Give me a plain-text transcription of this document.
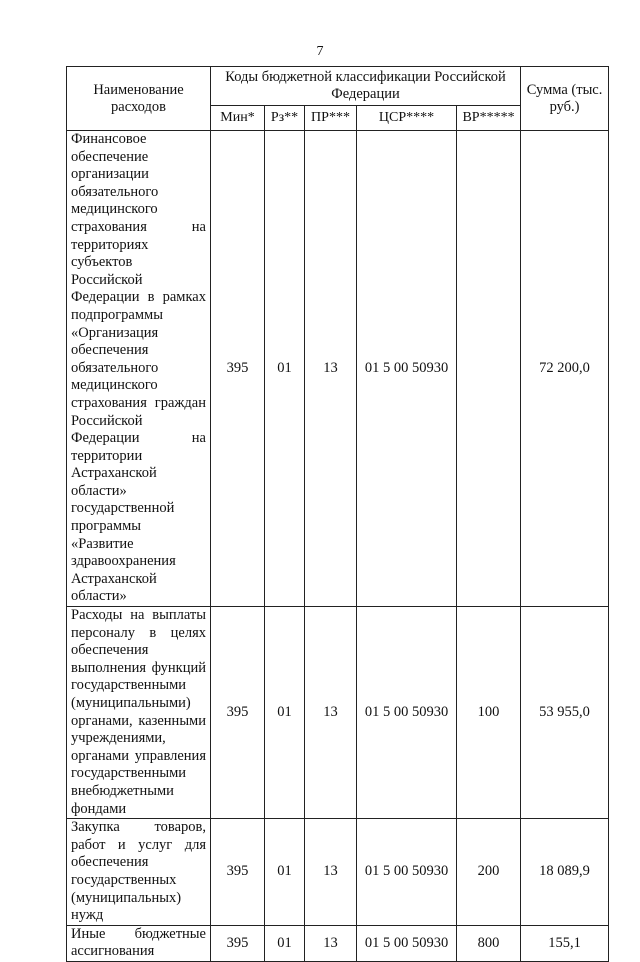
7
Наименование расходов	Коды бюджетной классификации Российской Федерации					Сумма (тыс. руб.)
	Мин*	Рз**	ПР***	ЦСР****	ВР*****	
Финансовое обеспечение организации обязательного медицинского страхования на территориях субъектов Российской Федерации в рамках подпрограммы «Организация обеспечения обязательного медицинского страхования граждан Российской Федерации на территории Астраханской области» государственной программы «Развитие здравоохранения Астраханской области»	395	01	13	01 5 00 50930		72 200,0
Расходы на выплаты персоналу в целях обеспечения выполнения функций государственными (муниципальными) органами, казенными учреждениями, органами управления государственными внебюджетными фондами	395	01	13	01 5 00 50930	100	53 955,0
Закупка товаров, работ и услуг для обеспечения государственных (муниципальных) нужд	395	01	13	01 5 00 50930	200	18 089,9
Иные бюджетные ассигнования	395	01	13	01 5 00 50930	800	155,1
